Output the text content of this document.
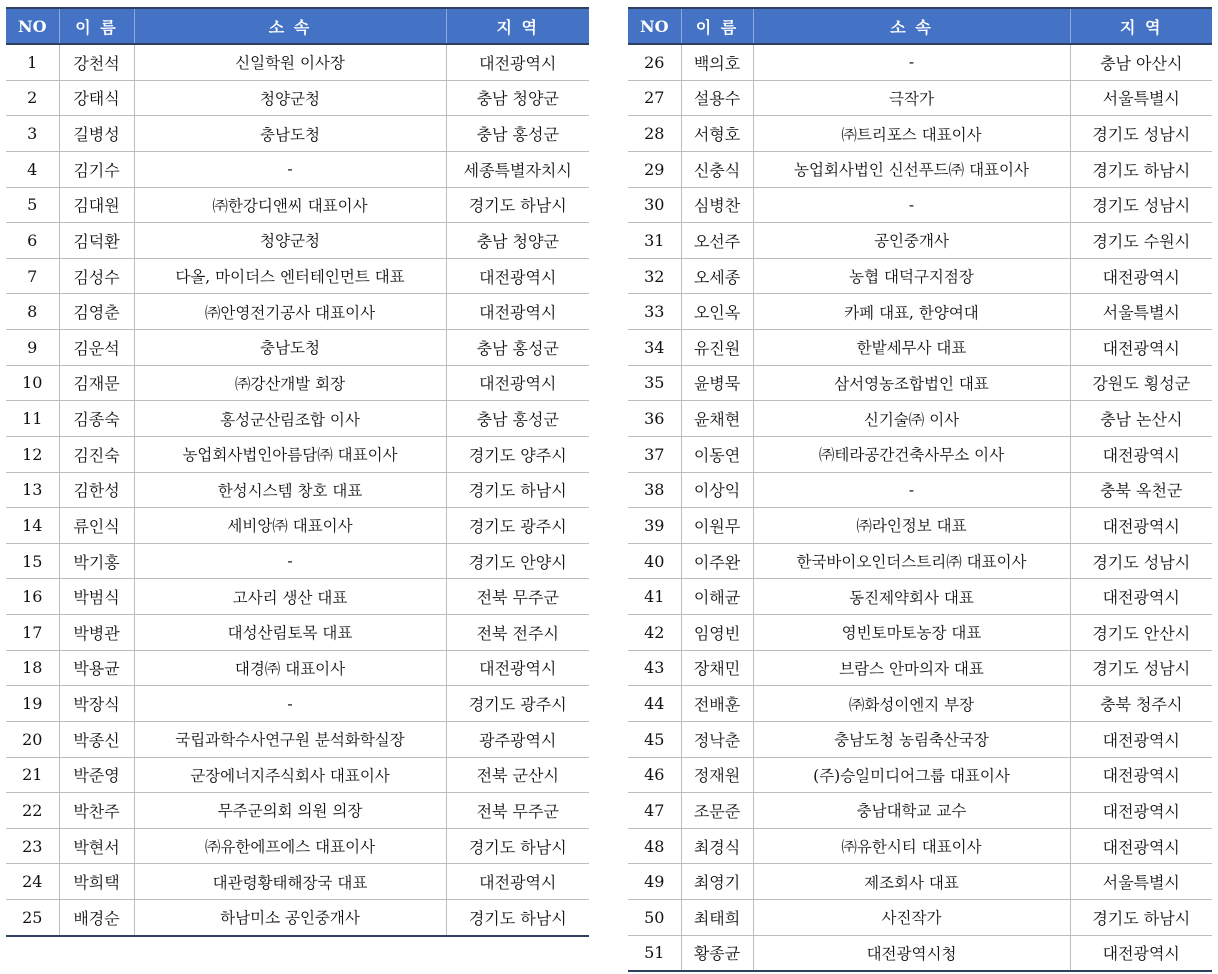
NO	이 름	소 속	지 역
1	강천석	신일학원 이사장	대전광역시
2	강태식	청양군청	충남 청양군
3	길병성	충남도청	충남 홍성군
4	김기수	-	세종특별자치시
5	김대원	㈜한강디앤씨 대표이사	경기도 하남시
6	김덕환	청양군청	충남 청양군
7	김성수	다올, 마이더스 엔터테인먼트 대표	대전광역시
8	김영춘	㈜안영전기공사 대표이사	대전광역시
9	김운석	충남도청	충남 홍성군
10	김재문	㈜강산개발 회장	대전광역시
11	김종숙	홍성군산림조합 이사	충남 홍성군
12	김진숙	농업회사법인아름담㈜ 대표이사	경기도 양주시
13	김한성	한성시스템 창호 대표	경기도 하남시
14	류인식	세비앙㈜ 대표이사	경기도 광주시
15	박기홍	-	경기도 안양시
16	박범식	고사리 생산 대표	전북 무주군
17	박병관	대성산림토목 대표	전북 전주시
18	박용균	대경㈜ 대표이사	대전광역시
19	박장식	-	경기도 광주시
20	박종신	국립과학수사연구원 분석화학실장	광주광역시
21	박준영	군장에너지주식회사 대표이사	전북 군산시
22	박찬주	무주군의회 의원 의장	전북 무주군
23	박현서	㈜유한에프에스 대표이사	경기도 하남시
24	박희택	대관령황태해장국 대표	대전광역시
25	배경순	하남미소 공인중개사	경기도 하남시
NO	이 름	소 속	지 역
26	백의호	-	충남 아산시
27	설용수	극작가	서울특별시
28	서형호	㈜트리포스 대표이사	경기도 성남시
29	신충식	농업회사법인 신선푸드㈜ 대표이사	경기도 하남시
30	심병찬	-	경기도 성남시
31	오선주	공인중개사	경기도 수원시
32	오세종	농협 대덕구지점장	대전광역시
33	오인옥	카페 대표, 한양여대	서울특별시
34	유진원	한밭세무사 대표	대전광역시
35	윤병묵	삼서영농조합법인 대표	강원도 횡성군
36	윤채현	신기술㈜ 이사	충남 논산시
37	이동연	㈜테라공간건축사무소 이사	대전광역시
38	이상익	-	충북 옥천군
39	이원무	㈜라인정보 대표	대전광역시
40	이주완	한국바이오인더스트리㈜ 대표이사	경기도 성남시
41	이해균	동진제약회사 대표	대전광역시
42	임영빈	영빈토마토농장 대표	경기도 안산시
43	장채민	브람스 안마의자 대표	경기도 성남시
44	전배훈	㈜화성이엔지 부장	충북 청주시
45	정낙춘	충남도청 농림축산국장	대전광역시
46	정재원	(주)승일미디어그룹 대표이사	대전광역시
47	조문준	충남대학교 교수	대전광역시
48	최경식	㈜유한시티 대표이사	대전광역시
49	최영기	제조회사 대표	서울특별시
50	최태희	사진작가	경기도 하남시
51	황종균	대전광역시청	대전광역시
